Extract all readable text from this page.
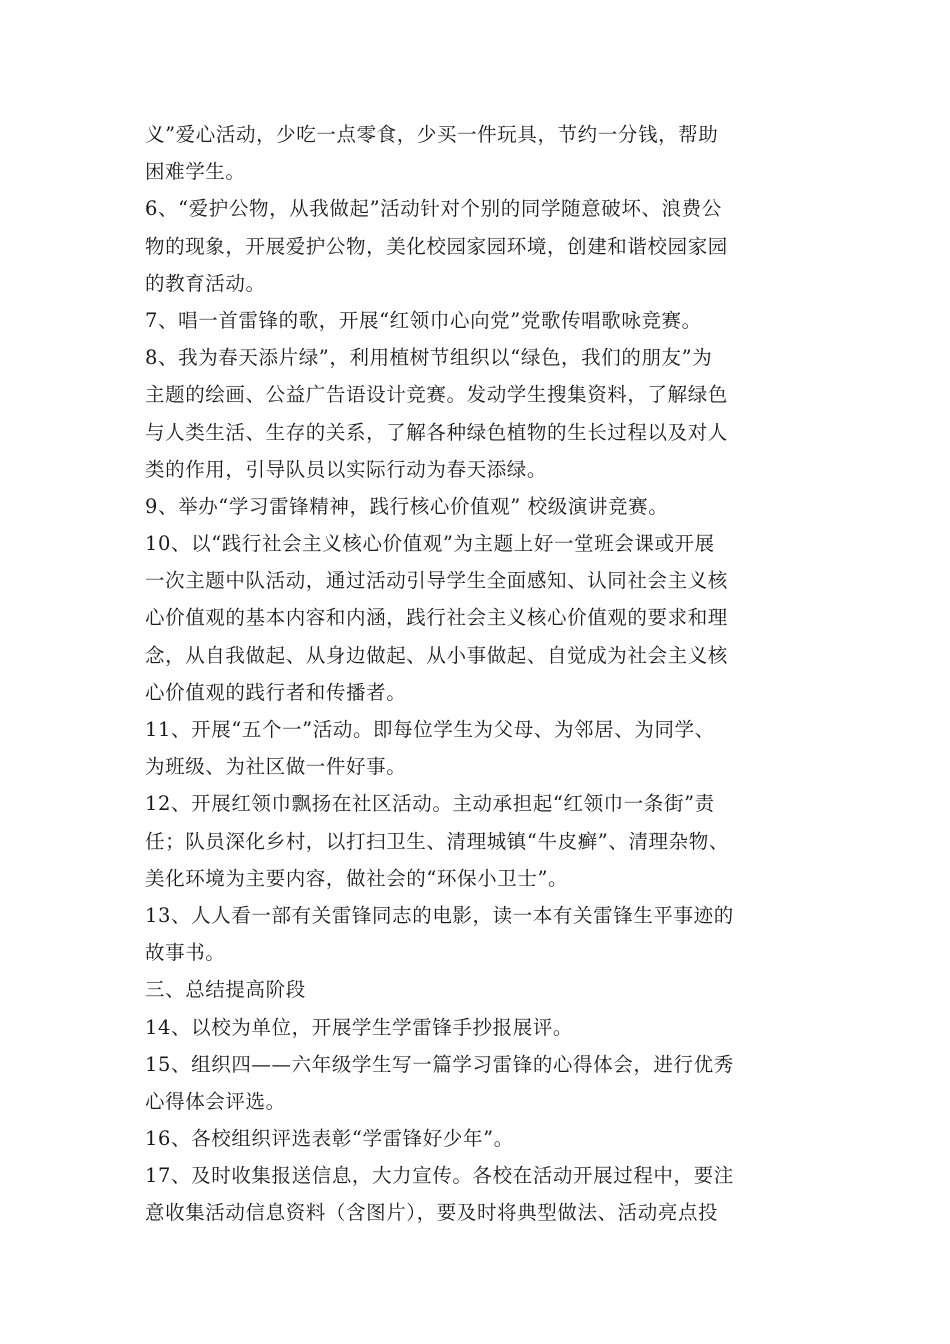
义”爱心活动，少吃一点零食，少买一件玩具，节约一分钱，帮助
困难学生。
6、“爱护公物，从我做起”活动针对个别的同学随意破坏、浪费公
物的现象，开展爱护公物，美化校园家园环境，创建和谐校园家园
的教育活动。
7、唱一首雷锋的歌，开展“红领巾心向党”党歌传唱歌咏竞赛。
8、我为春天添片绿”，利用植树节组织以“绿色，我们的朋友”为
主题的绘画、公益广告语设计竞赛。发动学生搜集资料，了解绿色
与人类生活、生存的关系，了解各种绿色植物的生长过程以及对人
类的作用，引导队员以实际行动为春天添绿。
9、举办“学习雷锋精神，践行核心价值观” 校级演讲竞赛。
10、以“践行社会主义核心价值观”为主题上好一堂班会课或开展
一次主题中队活动，通过活动引导学生全面感知、认同社会主义核
心价值观的基本内容和内涵，践行社会主义核心价值观的要求和理
念，从自我做起、从身边做起、从小事做起、自觉成为社会主义核
心价值观的践行者和传播者。
11、开展“五个一”活动。即每位学生为父母、为邻居、为同学、
为班级、为社区做一件好事。
12、开展红领巾飘扬在社区活动。主动承担起“红领巾一条街”责
任；队员深化乡村，以打扫卫生、清理城镇“牛皮癣”、清理杂物、
美化环境为主要内容，做社会的“环保小卫士”。
13、人人看一部有关雷锋同志的电影，读一本有关雷锋生平事迹的
故事书。
三、总结提高阶段
14、以校为单位，开展学生学雷锋手抄报展评。
15、组织四——六年级学生写一篇学习雷锋的心得体会，进行优秀
心得体会评选。
16、各校组织评选表彰“学雷锋好少年”。
17、及时收集报送信息，大力宣传。各校在活动开展过程中，要注
意收集活动信息资料（含图片），要及时将典型做法、活动亮点投
